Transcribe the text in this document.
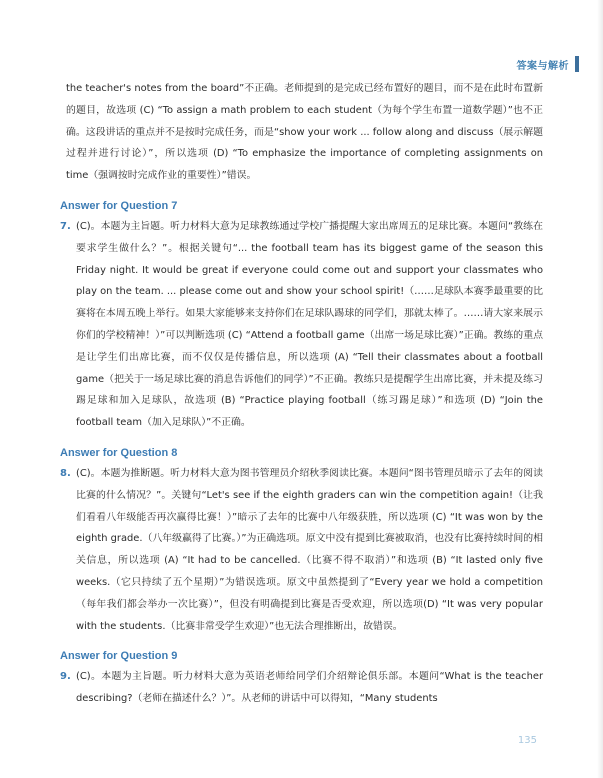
答案与解析

the teacher's notes from the board”不正确。老师提到的是完成已经布置好的题目，而不是在此时布置新的题目，故选项 (C) “To assign a math problem to each student（为每个学生布置一道数学题）”也不正确。这段讲话的重点并不是按时完成任务，而是“show your work ... follow along and discuss（展示解题过程并进行讨论）”，所以选项 (D) “To emphasize the importance of completing assignments on time（强调按时完成作业的重要性）”错误。

Answer for Question 7
7. (C)。本题为主旨题。听力材料大意为足球教练通过学校广播提醒大家出席周五的足球比赛。本题问“教练在要求学生做什么？”。根据关键句“... the football team has its biggest game of the season this Friday night. It would be great if everyone could come out and support your classmates who play on the team. ... please come out and show your school spirit!（……足球队本赛季最重要的比赛将在本周五晚上举行。如果大家能够来支持你们在足球队踢球的同学们，那就太棒了。……请大家来展示你们的学校精神！）”可以判断选项 (C) “Attend a football game（出席一场足球比赛）”正确。教练的重点是让学生们出席比赛，而不仅仅是传播信息，所以选项 (A) “Tell their classmates about a football game（把关于一场足球比赛的消息告诉他们的同学）”不正确。教练只是提醒学生出席比赛，并未提及练习踢足球和加入足球队，故选项 (B) “Practice playing football（练习踢足球）”和选项 (D) “Join the football team（加入足球队）”不正确。

Answer for Question 8
8. (C)。本题为推断题。听力材料大意为图书管理员介绍秋季阅读比赛。本题问“图书管理员暗示了去年的阅读比赛的什么情况？”。关键句“Let's see if the eighth graders can win the competition again!（让我们看看八年级能否再次赢得比赛！）”暗示了去年的比赛中八年级获胜，所以选项 (C) “It was won by the eighth grade.（八年级赢得了比赛。）”为正确选项。原文中没有提到比赛被取消，也没有比赛持续时间的相关信息，所以选项 (A) “It had to be cancelled.（比赛不得不取消）”和选项 (B) “It lasted only five weeks.（它只持续了五个星期）”为错误选项。原文中虽然提到了“Every year we hold a competition（每年我们都会举办一次比赛）”，但没有明确提到比赛是否受欢迎，所以选项(D) “It was very popular with the students.（比赛非常受学生欢迎）”也无法合理推断出，故错误。

Answer for Question 9
9. (C)。本题为主旨题。听力材料大意为英语老师给同学们介绍辩论俱乐部。本题问“What is the teacher describing?（老师在描述什么？）”。从老师的讲话中可以得知，“Many students

135
